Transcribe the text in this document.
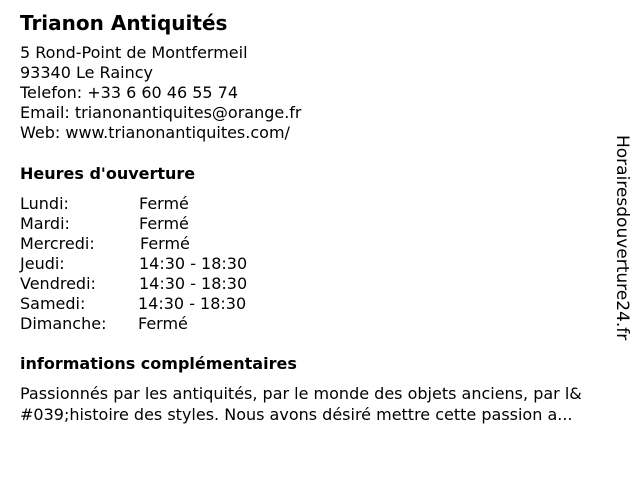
Trianon Antiquités
5 Rond-Point de Montfermeil
93340 Le Raincy
Telefon: +33 6 60 46 55 74
Email: trianonantiquites@orange.fr
Web: www.trianonantiquites.com/
Heures d'ouverture
Lundi:	Fermé
Mardi:	Fermé
Mercredi:	Fermé
Jeudi:	14:30 - 18:30
Vendredi:	14:30 - 18:30
Samedi:	14:30 - 18:30
Dimanche: Fermé
informations complémentaires
Passionnés par les antiquités, par le monde des objets anciens, par l&
#039;histoire des styles. Nous avons désiré mettre cette passion a...
Horairesdouverture24.fr
